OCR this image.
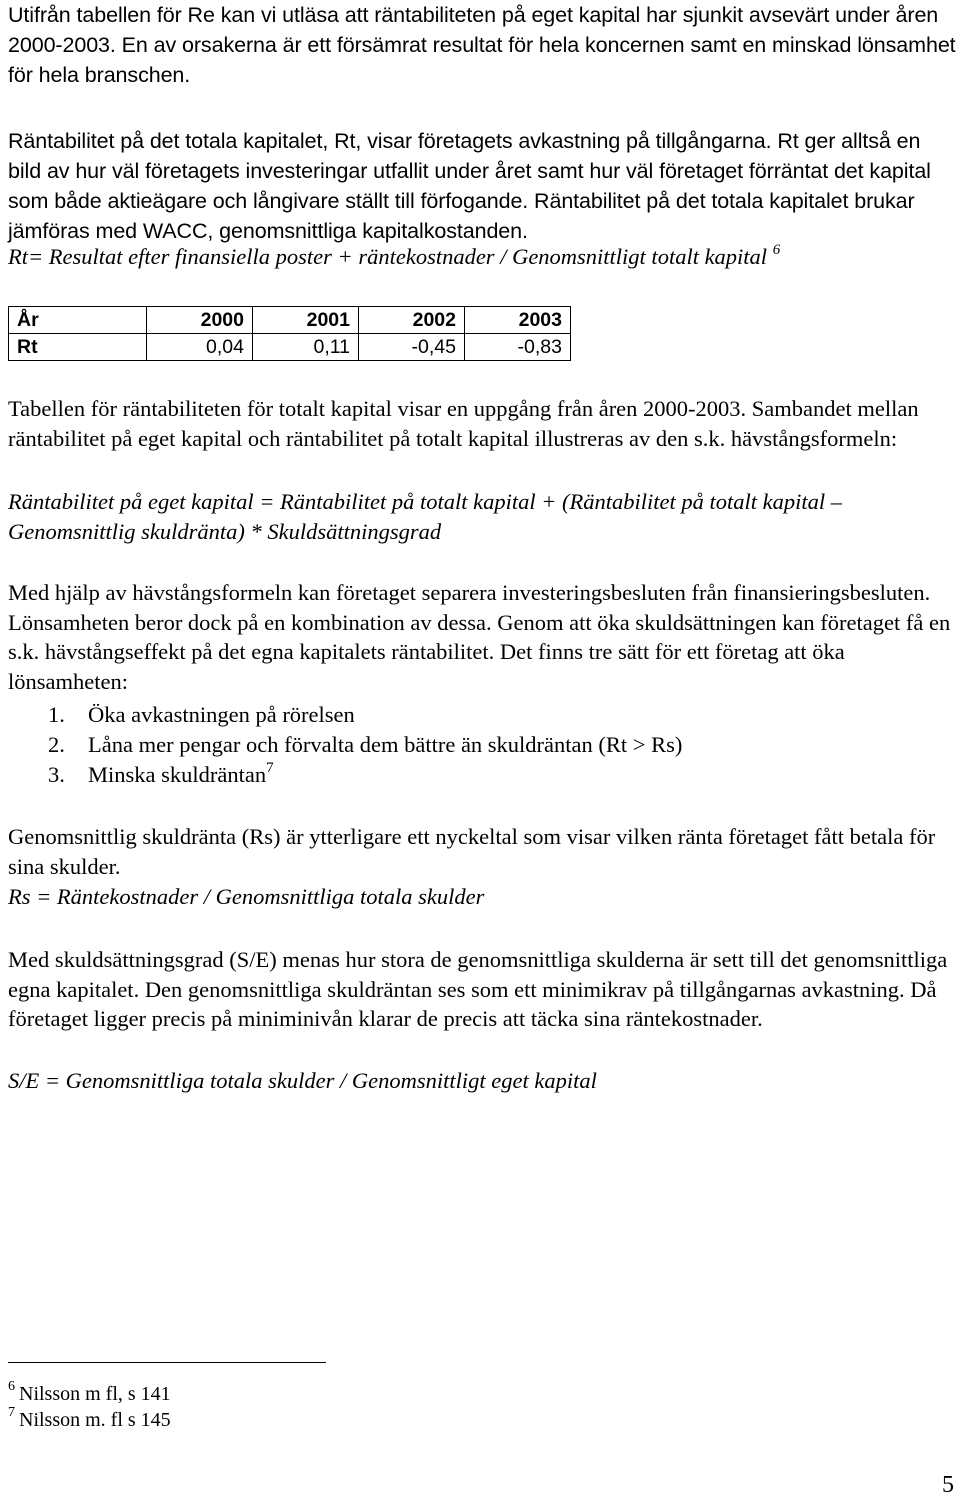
Utifrån tabellen för Re kan vi utläsa att räntabiliteten på eget kapital har sjunkit avsevärt under åren 2000-2003. En av orsakerna är ett försämrat resultat för hela koncernen samt en minskad lönsamhet för hela branschen.

Räntabilitet på det totala kapitalet, Rt, visar företagets avkastning på tillgångarna. Rt ger alltså en bild av hur väl företagets investeringar utfallit under året samt hur väl företaget förräntat det kapital som både aktieägare och långivare ställt till förfogande. Räntabilitet på det totala kapitalet brukar jämföras med WACC, genomsnittliga kapitalkostanden.

Rt= Resultat efter finansiella poster + räntekostnader / Genomsnittligt totalt kapital $^6$

År	2000	2001	2002	2003
Rt	0,04	0,11	-0,45	-0,83

Tabellen för räntabiliteten för totalt kapital visar en uppgång från åren 2000-2003. Sambandet mellan räntabilitet på eget kapital och räntabilitet på totalt kapital illustreras av den s.k. hävstångsformeln:

Räntabilitet på eget kapital = Räntabilitet på totalt kapital + (Räntabilitet på totalt kapital – Genomsnittlig skuldränta) * Skuldsättningsgrad

Med hjälp av hävstångsformeln kan företaget separera investeringsbesluten från finansieringsbesluten. Lönsamheten beror dock på en kombination av dessa. Genom att öka skuldsättningen kan företaget få en s.k. hävstångseffekt på det egna kapitalets räntabilitet. Det finns tre sätt för ett företag att öka lönsamheten:

1. Öka avkastningen på rörelsen
2. Låna mer pengar och förvalta dem bättre än skuldräntan (Rt > Rs)
3. Minska skuldräntan$^7$

Genomsnittlig skuldränta (Rs) är ytterligare ett nyckeltal som visar vilken ränta företaget fått betala för sina skulder.

Rs = Räntekostnader / Genomsnittliga totala skulder

Med skuldsättningsgrad (S/E) menas hur stora de genomsnittliga skulderna är sett till det genomsnittliga egna kapitalet. Den genomsnittliga skuldräntan ses som ett minimikrav på tillgångarnas avkastning. Då företaget ligger precis på miniminivån klarar de precis att täcka sina räntekostnader.

S/E = Genomsnittliga totala skulder / Genomsnittligt eget kapital

$^6$ Nilsson m fl, s 141
$^7$ Nilsson m. fl s 145
5
